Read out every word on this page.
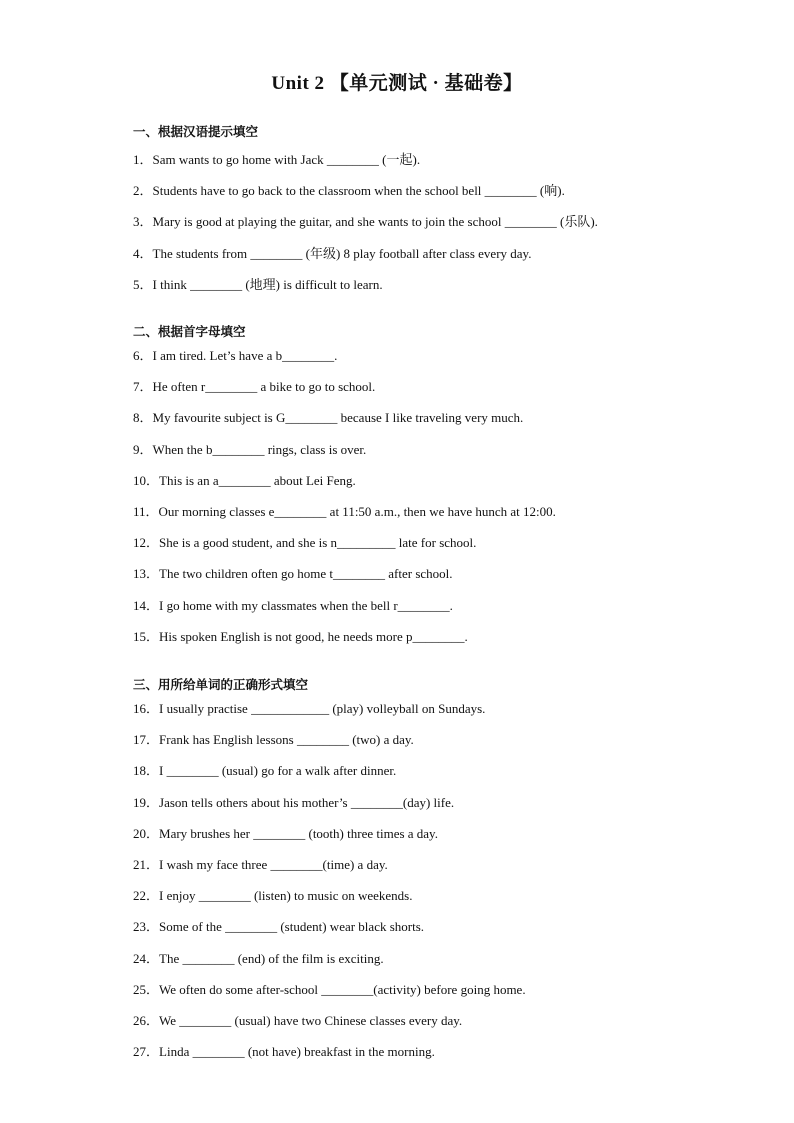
Unit 2 【单元测试 · 基础卷】
一、根据汉语提示填空
1．Sam wants to go home with Jack ________ (一起).
2．Students have to go back to the classroom when the school bell ________ (响).
3．Mary is good at playing the guitar, and she wants to join the school ________ (乐队).
4．The students from ________ (年级) 8 play football after class every day.
5．I think ________ (地理) is difficult to learn.
二、根据首字母填空
6．I am tired. Let’s have a b________.
7．He often r________ a bike to go to school.
8．My favourite subject is G________ because I like traveling very much.
9．When the b________ rings, class is over.
10．This is an a________ about Lei Feng.
11．Our morning classes e________ at 11:50 a.m., then we have hunch at 12:00.
12．She is a good student, and she is n_________ late for school.
13．The two children often go home t________ after school.
14．I go home with my classmates when the bell r________.
15．His spoken English is not good, he needs more p________.
三、用所给单词的正确形式填空
16．I usually practise ____________ (play) volleyball on Sundays.
17．Frank has English lessons ________ (two) a day.
18．I ________ (usual) go for a walk after dinner.
19．Jason tells others about his mother’s ________(day) life.
20．Mary brushes her ________ (tooth) three times a day.
21．I wash my face three ________(time) a day.
22．I enjoy ________ (listen) to music on weekends.
23．Some of the ________ (student) wear black shorts.
24．The ________ (end) of the film is exciting.
25．We often do some after-school ________(activity) before going home.
26．We ________ (usual) have two Chinese classes every day.
27．Linda ________ (not have) breakfast in the morning.
